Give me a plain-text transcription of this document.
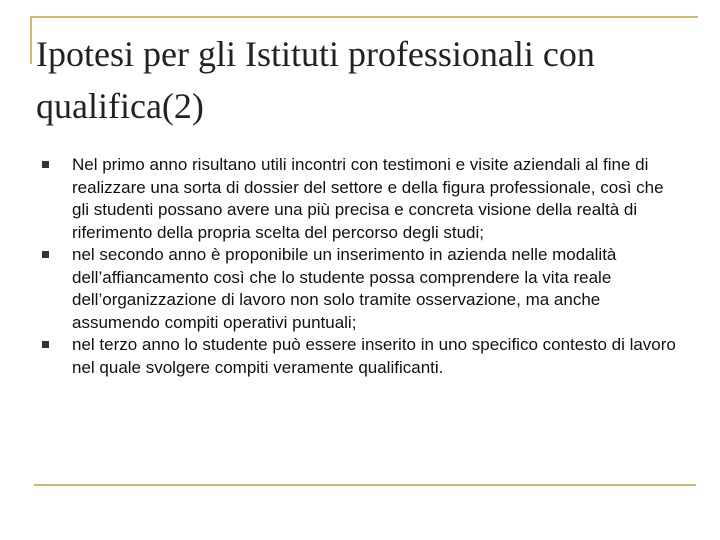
Ipotesi per gli Istituti professionali con
qualifica(2)
Nel primo anno risultano utili incontri con testimoni e visite aziendali al fine di realizzare una sorta di dossier del settore e della figura professionale, così che gli studenti possano avere una più precisa e concreta visione della realtà di riferimento della propria scelta del percorso degli studi;
nel secondo anno è proponibile un inserimento in azienda nelle modalità dell’affiancamento così che lo studente possa comprendere la vita reale dell’organizzazione di lavoro non solo tramite osservazione, ma anche assumendo compiti operativi puntuali;
nel terzo anno lo studente può essere inserito in uno specifico contesto di lavoro nel quale svolgere compiti veramente qualificanti.
